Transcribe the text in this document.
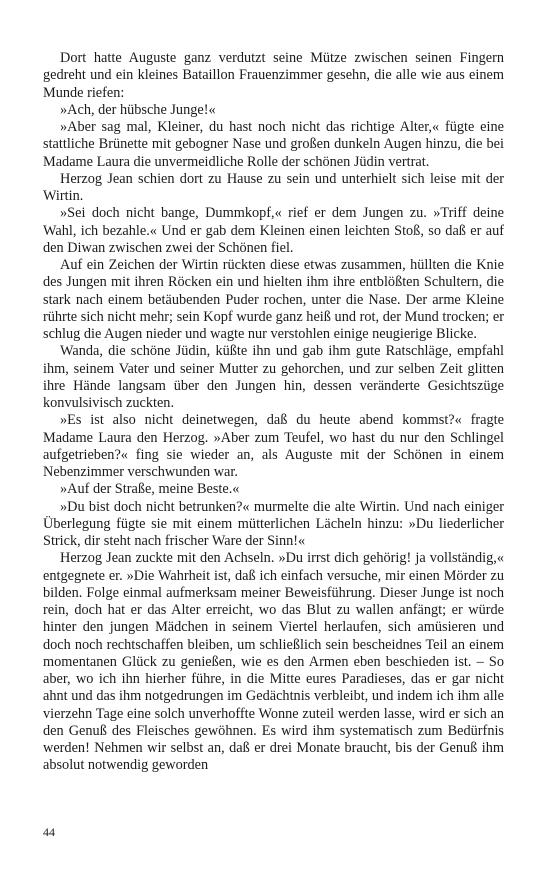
Dort hatte Auguste ganz verdutzt seine Mütze zwischen seinen Fingern gedreht und ein kleines Bataillon Frauenzimmer gesehn, die alle wie aus einem Munde riefen:

»Ach, der hübsche Junge!«

»Aber sag mal, Kleiner, du hast noch nicht das richtige Alter,« fügte eine stattliche Brünette mit gebogner Nase und großen dunkeln Augen hinzu, die bei Madame Laura die unvermeidliche Rolle der schönen Jüdin vertrat.

Herzog Jean schien dort zu Hause zu sein und unterhielt sich leise mit der Wirtin.

»Sei doch nicht bange, Dummkopf,« rief er dem Jungen zu. »Triff deine Wahl, ich bezahle.« Und er gab dem Kleinen einen leichten Stoß, so daß er auf den Diwan zwischen zwei der Schönen fiel.

Auf ein Zeichen der Wirtin rückten diese etwas zusammen, hüllten die Knie des Jungen mit ihren Röcken ein und hielten ihm ihre entblößten Schultern, die stark nach einem betäubenden Puder rochen, unter die Nase. Der arme Kleine rührte sich nicht mehr; sein Kopf wurde ganz heiß und rot, der Mund trocken; er schlug die Augen nieder und wagte nur verstohlen einige neugierige Blicke.

Wanda, die schöne Jüdin, küßte ihn und gab ihm gute Ratschläge, empfahl ihm, seinem Vater und seiner Mutter zu gehorchen, und zur selben Zeit glitten ihre Hände langsam über den Jungen hin, dessen veränderte Gesichtszüge konvulsivisch zuckten.

»Es ist also nicht deinetwegen, daß du heute abend kommst?« fragte Madame Laura den Herzog. »Aber zum Teufel, wo hast du nur den Schlingel aufgetrieben?« fing sie wieder an, als Auguste mit der Schönen in einem Nebenzimmer verschwunden war.

»Auf der Straße, meine Beste.«

»Du bist doch nicht betrunken?« murmelte die alte Wirtin. Und nach einiger Überlegung fügte sie mit einem mütterlichen Lächeln hinzu: »Du liederlicher Strick, dir steht nach frischer Ware der Sinn!«

Herzog Jean zuckte mit den Achseln. »Du irrst dich gehörig! ja vollständig,« entgegnete er. »Die Wahrheit ist, daß ich einfach versuche, mir einen Mörder zu bilden. Folge einmal aufmerksam meiner Beweisführung. Dieser Junge ist noch rein, doch hat er das Alter erreicht, wo das Blut zu wallen anfängt; er würde hinter den jungen Mädchen in seinem Viertel herlaufen, sich amüsieren und doch noch rechtschaffen bleiben, um schließlich sein bescheidnes Teil an einem momentanen Glück zu genießen, wie es den Armen eben beschieden ist. – So aber, wo ich ihn hierher führe, in die Mitte eures Paradieses, das er gar nicht ahnt und das ihm notgedrungen im Gedächtnis verbleibt, und indem ich ihm alle vierzehn Tage eine solch unverhoffte Wonne zuteil werden lasse, wird er sich an den Genuß des Fleisches gewöhnen. Es wird ihm systematisch zum Bedürfnis werden! Nehmen wir selbst an, daß er drei Monate braucht, bis der Genuß ihm absolut notwendig geworden

44
